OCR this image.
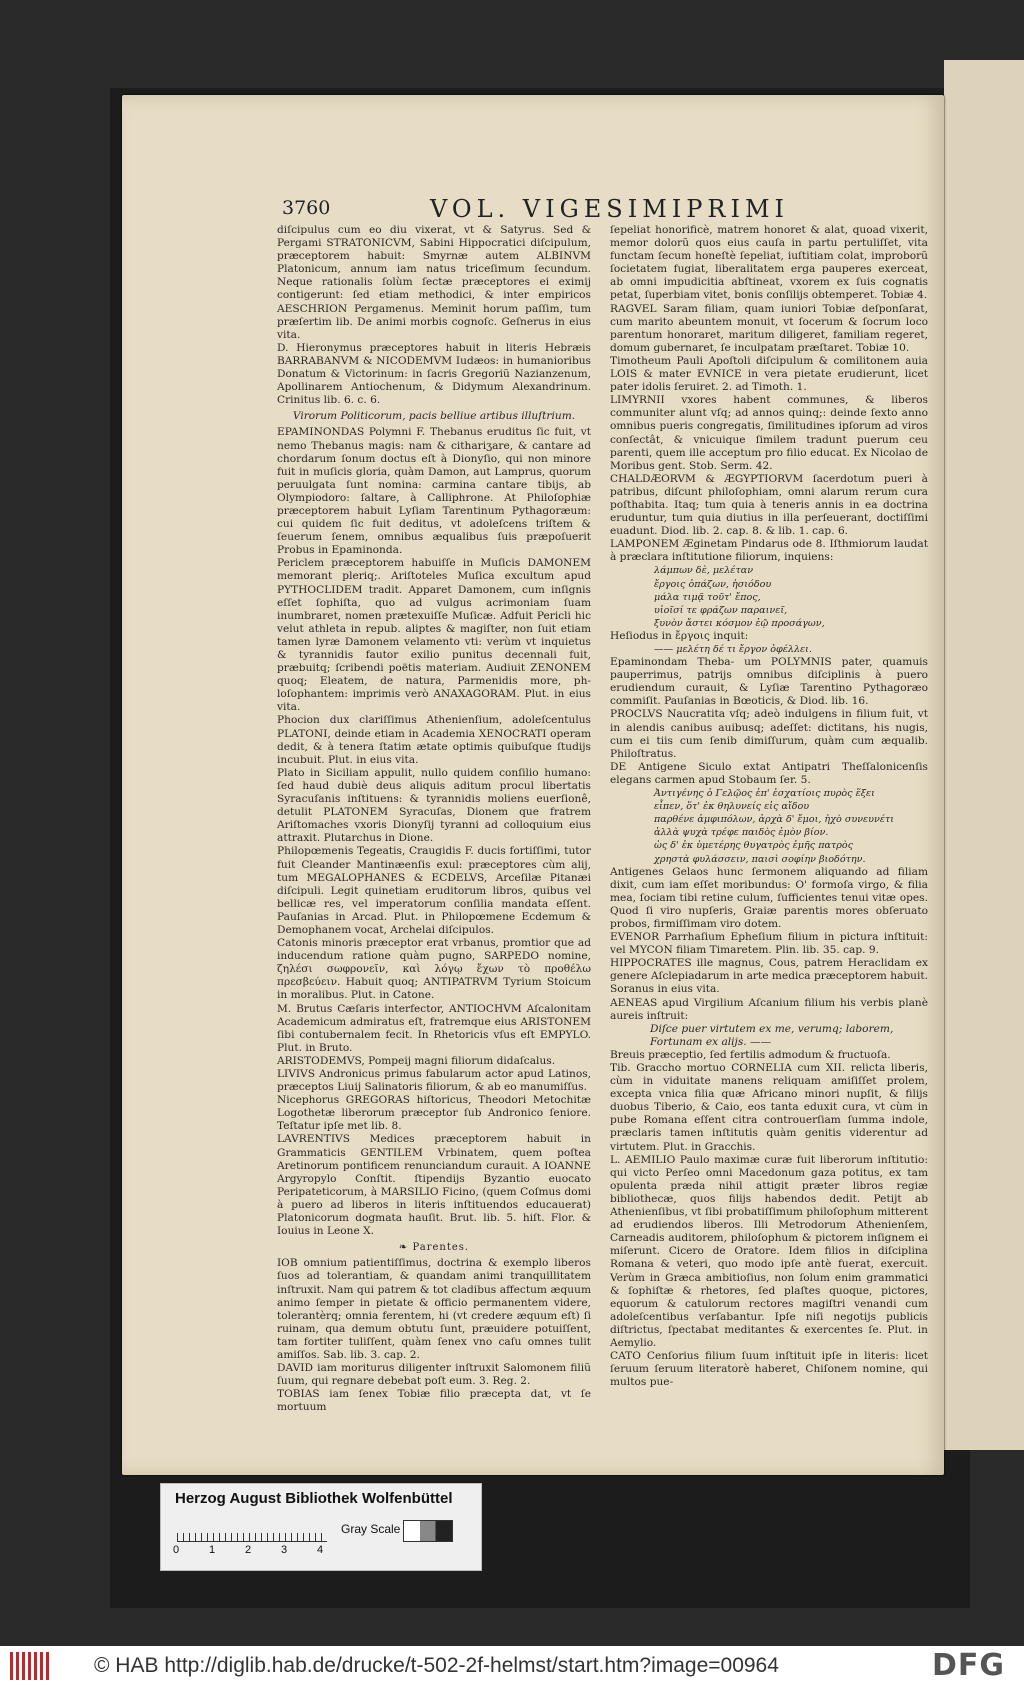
3760	VOL. VIGESIMIPRIMI

diſcipulus cum eo diu vixerat, vt & Satyrus. Sed & Pergami STRATONICVM, Sabini Hippocratici diſcipulum, præceptorem habuit: Smyrnæ autem ALBINVM Platonicum, annum iam natus triceſimum ſecundum. Neque rationalis ſolùm ſectæ præceptores ei eximij contigerunt: ſed etiam methodici, & inter empiricos AESCHRION Pergamenus. Meminit horum paſſim, tum præſertim lib. De animi morbis cognoſc. Geſnerus in eius vita.

D. Hieronymus præceptores habuit in literis Hebræis BARRABANVM & NICODEMVM Iudæos: in humanioribus Donatum & Victorinum: in ſacris Gregoriũ Nazianzenum, Apollinarem Antiochenum, & Didymum Alexandrinum. Crinitus lib. 6. c. 6.

Virorum Politicorum, pacis belliue artibus illuſtrium.

EPAMINONDAS Polymni F. Thebanus eruditus ſic fuit, vt nemo Thebanus magis: nam & cithariʒare, & cantare ad chordarum ſonum doctus eſt à Dionyſio, qui non minore fuit in muſicis gloria, quàm Damon, aut Lamprus, quorum peruulgata ſunt nomina: carmina cantare tibijs, ab Olympiodoro: ſaltare, à Calliphrone. At Philoſophiæ præceptorem habuit Lyſiam Tarentinum Pythagoræum: cui quidem ſic fuit deditus, vt adoleſcens triſtem & ſeuerum ſenem, omnibus æqualibus ſuis præpoſuerit Probus in Epaminonda.

Periclem præceptorem habuiſſe in Muſicis DAMONEM memorant pleriq;. Ariſtoteles Muſica excultum apud PYTHOCLIDEM tradit. Apparet Damonem, cum inſignis eſſet ſophiſta, quo ad vulgus acrimoniam ſuam inumbraret, nomen prætexuiſſe Muſicæ. Adfuit Pericli hic velut athleta in repub. aliptes & magiſter, non ſuit etiam tamen lyræ Damonem velamento vti: verùm vt inquietus & tyrannidis fautor exilio punitus decennali fuit, præbuitq; ſcribendi poëtis materiam. Audiuit ZENONEM quoq; Eleatem, de natura, Parmenidis more, ph-loſophantem: imprimis verò ANAXAGORAM. Plut. in eius vita.

Phocion dux clariſſimus Athenienſium, adoleſcentulus PLATONI, deinde etiam in Academia XENOCRATI operam dedit, & à tenera ſtatim ætate optimis quibuſque ſtudijs incubuit. Plut. in eius vita.

Plato in Siciliam appulit, nullo quidem conſilio humano: ſed haud dubiè deus aliquis aditum procul libertatis Syracuſanis inſtituens: & tyrannidis moliens euerſionê, detulit PLATONEM Syracuſas, Dionem que fratrem Ariſtomaches vxoris Dionyſij tyranni ad colloquium eius attraxit. Plutarchus in Dione.

Philopœmenis Tegeatis, Craugidis F. ducis fortiſſimi, tutor fuit Cleander Mantinæenſis exul: præceptores cùm alij, tum MEGALOPHANES & ECDELVS, Arceſilæ Pitanæi diſcipuli. Legit quinetiam eruditorum libros, quibus vel bellicæ res, vel imperatorum conſilia mandata eſſent. Pauſanias in Arcad. Plut. in Philopœmene Ecdemum & Demophanem vocat, Archelai diſcipulos.

Catonis minoris præceptor erat vrbanus, promtior que ad inducendum ratione quàm pugno, SARPEDO nomine, ζηλέσι σωφρονεῖν, καὶ λόγῳ ἔχων τὸ προθέλω πρεσβεύειν. Habuit quoq; ANTIPATRVM Tyrium Stoicum in moralibus. Plut. in Catone.

M. Brutus Cæſaris interfector, ANTIOCHVM Aſcalonitam Academicum admiratus eſt, fratremque eius ARISTONEM ſibi contubernalem fecit. In Rhetoricis vſus eſt EMPYLO. Plut. in Bruto.

ARISTODEMVS, Pompeij magni filiorum didaſcalus.

LIVIVS Andronicus primus fabularum actor apud Latinos, præceptos Liuij Salinatoris filiorum, & ab eo manumiſſus.

Nicephorus GREGORAS hiſtoricus, Theodori Metochitæ Logothetæ liberorum præceptor ſub Andronico ſeniore. Teſtatur ipſe met lib. 8.

LAVRENTIVS Medices præceptorem habuit in Grammaticis GENTILEM Vrbinatem, quem poſtea Aretinorum pontificem renunciandum curauit. A IOANNE Argyropylo Conſtit. ſtipendijs Byzantio euocato Peripateticorum, à MARSILIO Ficino, (quem Coſmus domi à puero ad liberos in literis inſtituendos educauerat) Platonicorum dogmata hauſit. Brut. lib. 5. hiſt. Flor. & Iouius in Leone X.

❧ Parentes.

IOB omnium patientiſſimus, doctrina & exemplo liberos ſuos ad tolerantiam, & quandam animi tranquillitatem inſtruxit. Nam qui patrem & tot cladibus affectum æquum animo ſemper in pietate & officio permanentem videre, tolerantèrq; omnia ferentem, hi (vt credere æquum eſt) ſi ruinam, qua demum obtutu ſunt, præuidere potuiſſent, tam fortiter tuliſſent, quàm ſenex vno caſu omnes tulit amiſſos. Sab. lib. 3. cap. 2.

DAVID iam moriturus diligenter inſtruxit Salomonem filiũ ſuum, qui regnare debebat poſt eum. 3. Reg. 2.

TOBIAS iam ſenex Tobiæ filio præcepta dat, vt ſe mortuum

ſepeliat honorificè, matrem honoret & alat, quoad vixerit, memor dolorũ quos eius cauſa in partu pertuliſſet, vita functam ſecum honeſtè ſepeliat, iuſtitiam colat, improborũ ſocietatem fugiat, liberalitatem erga pauperes exerceat, ab omni impudicitia abſtineat, vxorem ex ſuis cognatis petat, ſuperbiam vitet, bonis conſilijs obtemperet. Tobiæ 4.

RAGVEL Saram filiam, quam iuniori Tobiæ deſponſarat, cum marito abeuntem monuit, vt ſocerum & ſocrum loco parentum honoraret, maritum diligeret, familiam regeret, domum gubernaret, ſe inculpatam præſtaret. Tobiæ 10.

Timotheum Pauli Apoſtoli diſcipulum & comilitonem auia LOIS & mater EVNICE in vera pietate erudierunt, licet pater idolis ſeruiret. 2. ad Timoth. 1.

LIMYRNII vxores habent communes, & liberos communiter alunt vſq; ad annos quinq;: deinde ſexto anno omnibus pueris congregatis, ſimilitudines ipſorum ad viros conſectât, & vnicuique ſimilem tradunt puerum ceu parenti, quem ille acceptum pro filio educat. Ex Nicolao de Moribus gent. Stob. Serm. 42.

CHALDÆORVM & ÆGYPTIORVM ſacerdotum pueri à patribus, diſcunt philoſophiam, omni alarum rerum cura poſthabita. Itaq; tum quia à teneris annis in ea doctrina eruduntur, tum quia diutius in illa perſeuerant, doctiſſimi euadunt. Diod. lib. 2. cap. 8. & lib. 1. cap. 6.

LAMPONEM Æginetam Pindarus ode 8. Iſthmiorum laudat à præclara inſtitutione filiorum, inquiens:

λάμπων δὲ, μελέταν

ἔργοις ὀπάζων, ἡσιόδου

μάλα τιμᾷ τοῦτ' ἔπος,

υἱοῖσί τε φράζων παραινεῖ,

ξυνὸν ἄστει κόσμον ἑῷ προσάγων,

Heſiodus in ἔργοις inquit:

—— μελέτη δέ τι ἔργον ὀφέλλει.

Epaminondam Theba- um POLYMNIS pater, quamuis pauperrimus, patrijs omnibus diſciplinis à puero erudiendum curauit, & Lyſiæ Tarentino Pythagoræo commiſit. Pauſanias in Bœoticis, & Diod. lib. 16.

PROCLVS Naucratita vſq; adeò indulgens in filium fuit, vt in alendis canibus auibusq; adeſſet: dictitans, his nugis, cum ei tiis cum ſenib dimiſſurum, quàm cum æqualib. Philoſtratus.

DE Antigene Siculo extat Antipatri Theſſalonicenſis elegans carmen apud Stobaum ſer. 5.

Ἀντιγένης ὁ Γελῷος ἐπ' ἐσχατίοις πυρὸς ἕξει

εἶπεν, ὅτ' ἐκ θηλυνείς εἰς αἴδου

παρθένε ἀμφιπόλων, ἀρχὰ δ' ἔμοι, ἠχὸ συνευνέτι

ἀλλὰ ψυχὰ τρέφε παιδὸς ἐμὸν βίον.

ὡς δ' ἐκ ὑμετέρης θυγατρὸς ἐμῆς πατρὸς

χρηστὰ φυλάσσειν, παισὶ σοφίην βιοδότην.

Antigenes Gelaos hunc ſermonem aliquando ad filiam dixit, cum iam eſſet moribundus: O' formoſa virgo, & filia mea, ſociam tibi retine culum, ſufficientes tenui vitæ opes. Quod ſi viro nupſeris, Graiæ parentis mores obſeruato probos, firmiſſimam viro dotem.

EVENOR Parrhaſium Epheſium filium in pictura inſtituit: vel MYCON filiam Timaretem. Plin. lib. 35. cap. 9.

HIPPOCRATES ille magnus, Cous, patrem Heraclidam ex genere Aſclepiadarum in arte medica præceptorem habuit. Soranus in eius vita.

AENEAS apud Virgilium Aſcanium filium his verbis planè aureis inſtruit:

Diſce puer virtutem ex me, verumq; laborem,

Fortunam ex alijs. ——

Breuis præceptio, ſed fertilis admodum & fructuoſa.

Tib. Graccho mortuo CORNELIA cum XII. relicta liberis, cùm in viduitate manens reliquam amiſiſſet prolem, excepta vnica filia quæ Africano minori nupſit, & filijs duobus Tiberio, & Caio, eos tanta eduxit cura, vt cùm in pube Romana eſſent citra controuerſiam ſumma indole, præclaris tamen inſtitutis quàm genitis viderentur ad virtutem. Plut. in Gracchis.

L. AEMILIO Paulo maximæ curæ fuit liberorum inſtitutio: qui victo Perſeo omni Macedonum gaza potitus, ex tam opulenta præda nihil attigit præter libros regiæ bibliothecæ, quos filijs habendos dedit. Petijt ab Athenienſibus, vt ſibi probatiſſimum philoſophum mitterent ad erudiendos liberos. Illi Metrodorum Athenienſem, Carneadis auditorem, philoſophum & pictorem inſignem ei miſerunt. Cicero de Oratore. Idem filios in diſciplina Romana & veteri, quo modo ipſe antè fuerat, exercuit. Verùm in Græca ambitioſius, non ſolum enim grammatici & ſophiſtæ & rhetores, ſed plaſtes quoque, pictores, equorum & catulorum rectores magiſtri venandi cum adoleſcentibus verſabantur. Ipſe niſi negotijs publicis diſtrictus, ſpectabat meditantes & exercentes ſe. Plut. in Aemylio.

CATO Cenſorius filium ſuum inſtituit ipſe in literis: licet ſeruum ſeruum literatorè haberet, Chiſonem nomine, qui multos pue-

Herzog August Bibliothek Wolfenbüttel
0	1	2	3	4
Gray Scale
© HAB http://diglib.hab.de/drucke/t-502-2f-helmst/start.htm?image=00964	DFG
